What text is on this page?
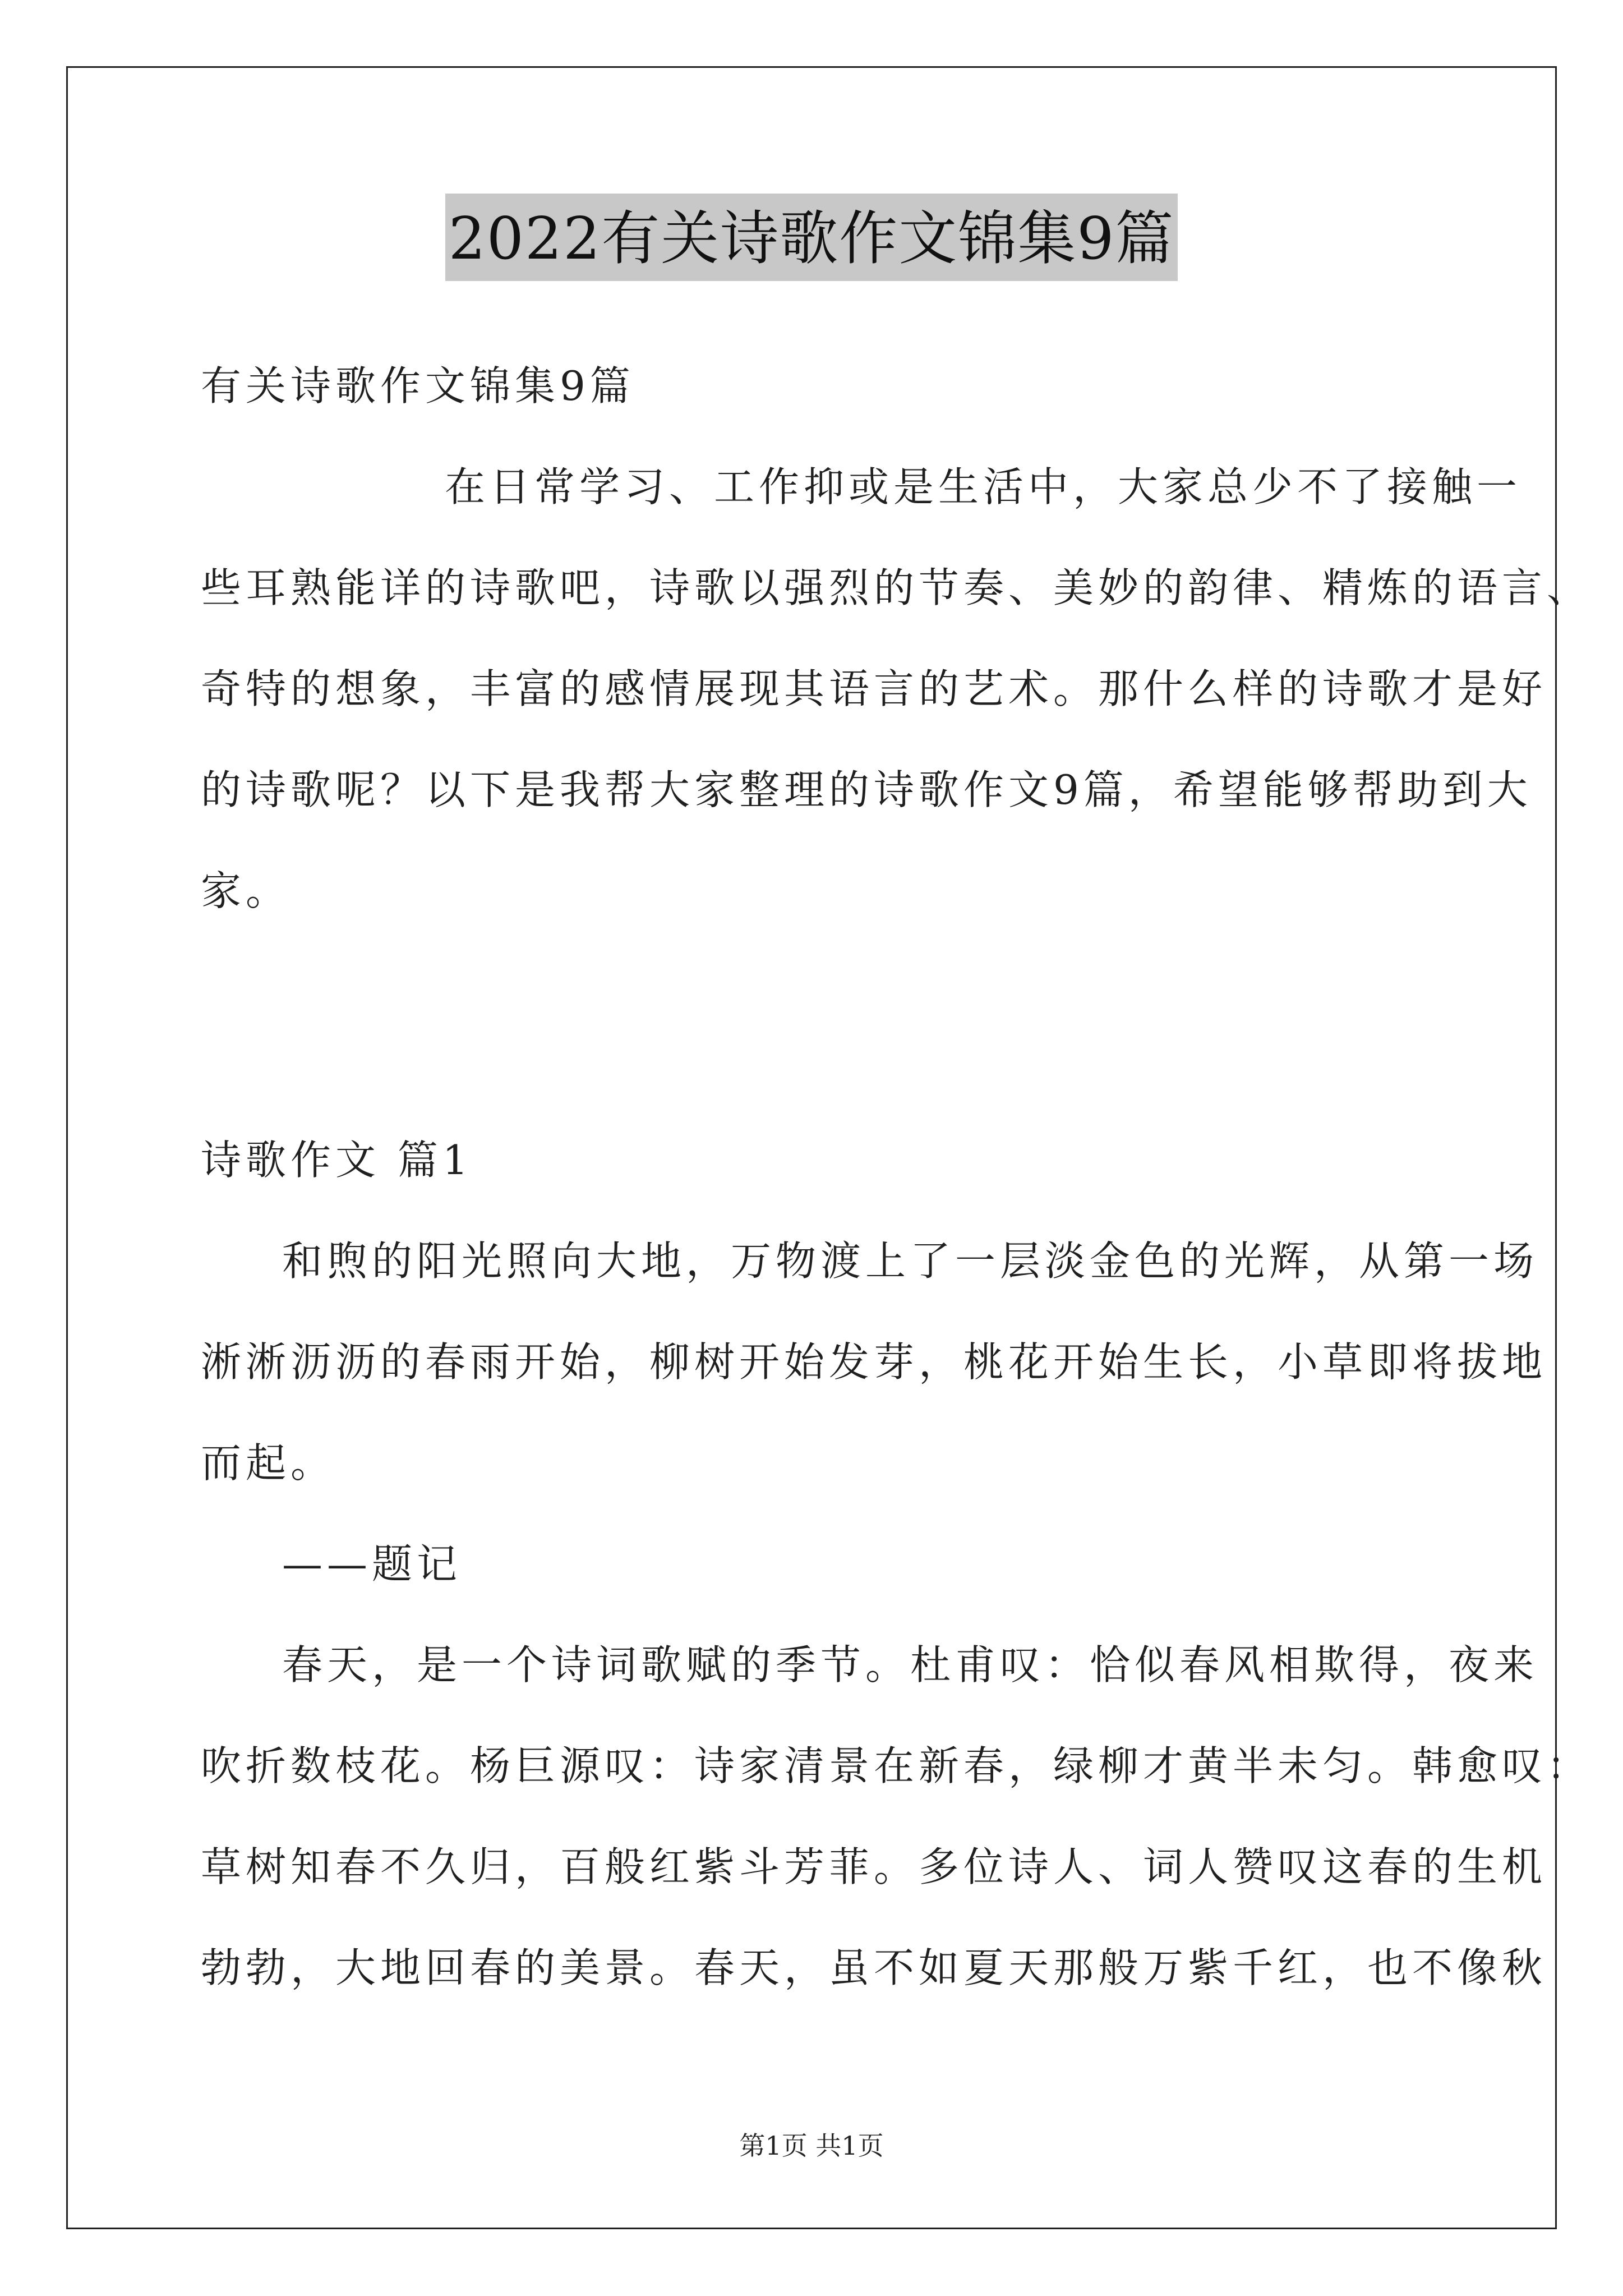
2022有关诗歌作文锦集9篇
有关诗歌作文锦集9篇
在日常学习、工作抑或是生活中，大家总少不了接触一
些耳熟能详的诗歌吧，诗歌以强烈的节奏、美妙的韵律、精炼的语言、
奇特的想象，丰富的感情展现其语言的艺术。那什么样的诗歌才是好
的诗歌呢？以下是我帮大家整理的诗歌作文9篇，希望能够帮助到大
家。
诗歌作文 篇1
和煦的阳光照向大地，万物渡上了一层淡金色的光辉，从第一场
淅淅沥沥的春雨开始，柳树开始发芽，桃花开始生长，小草即将拔地
而起。
——题记
春天，是一个诗词歌赋的季节。杜甫叹：恰似春风相欺得，夜来
吹折数枝花。杨巨源叹：诗家清景在新春，绿柳才黄半未匀。韩愈叹：
草树知春不久归，百般红紫斗芳菲。多位诗人、词人赞叹这春的生机
勃勃，大地回春的美景。春天，虽不如夏天那般万紫千红，也不像秋
第1页 共1页
